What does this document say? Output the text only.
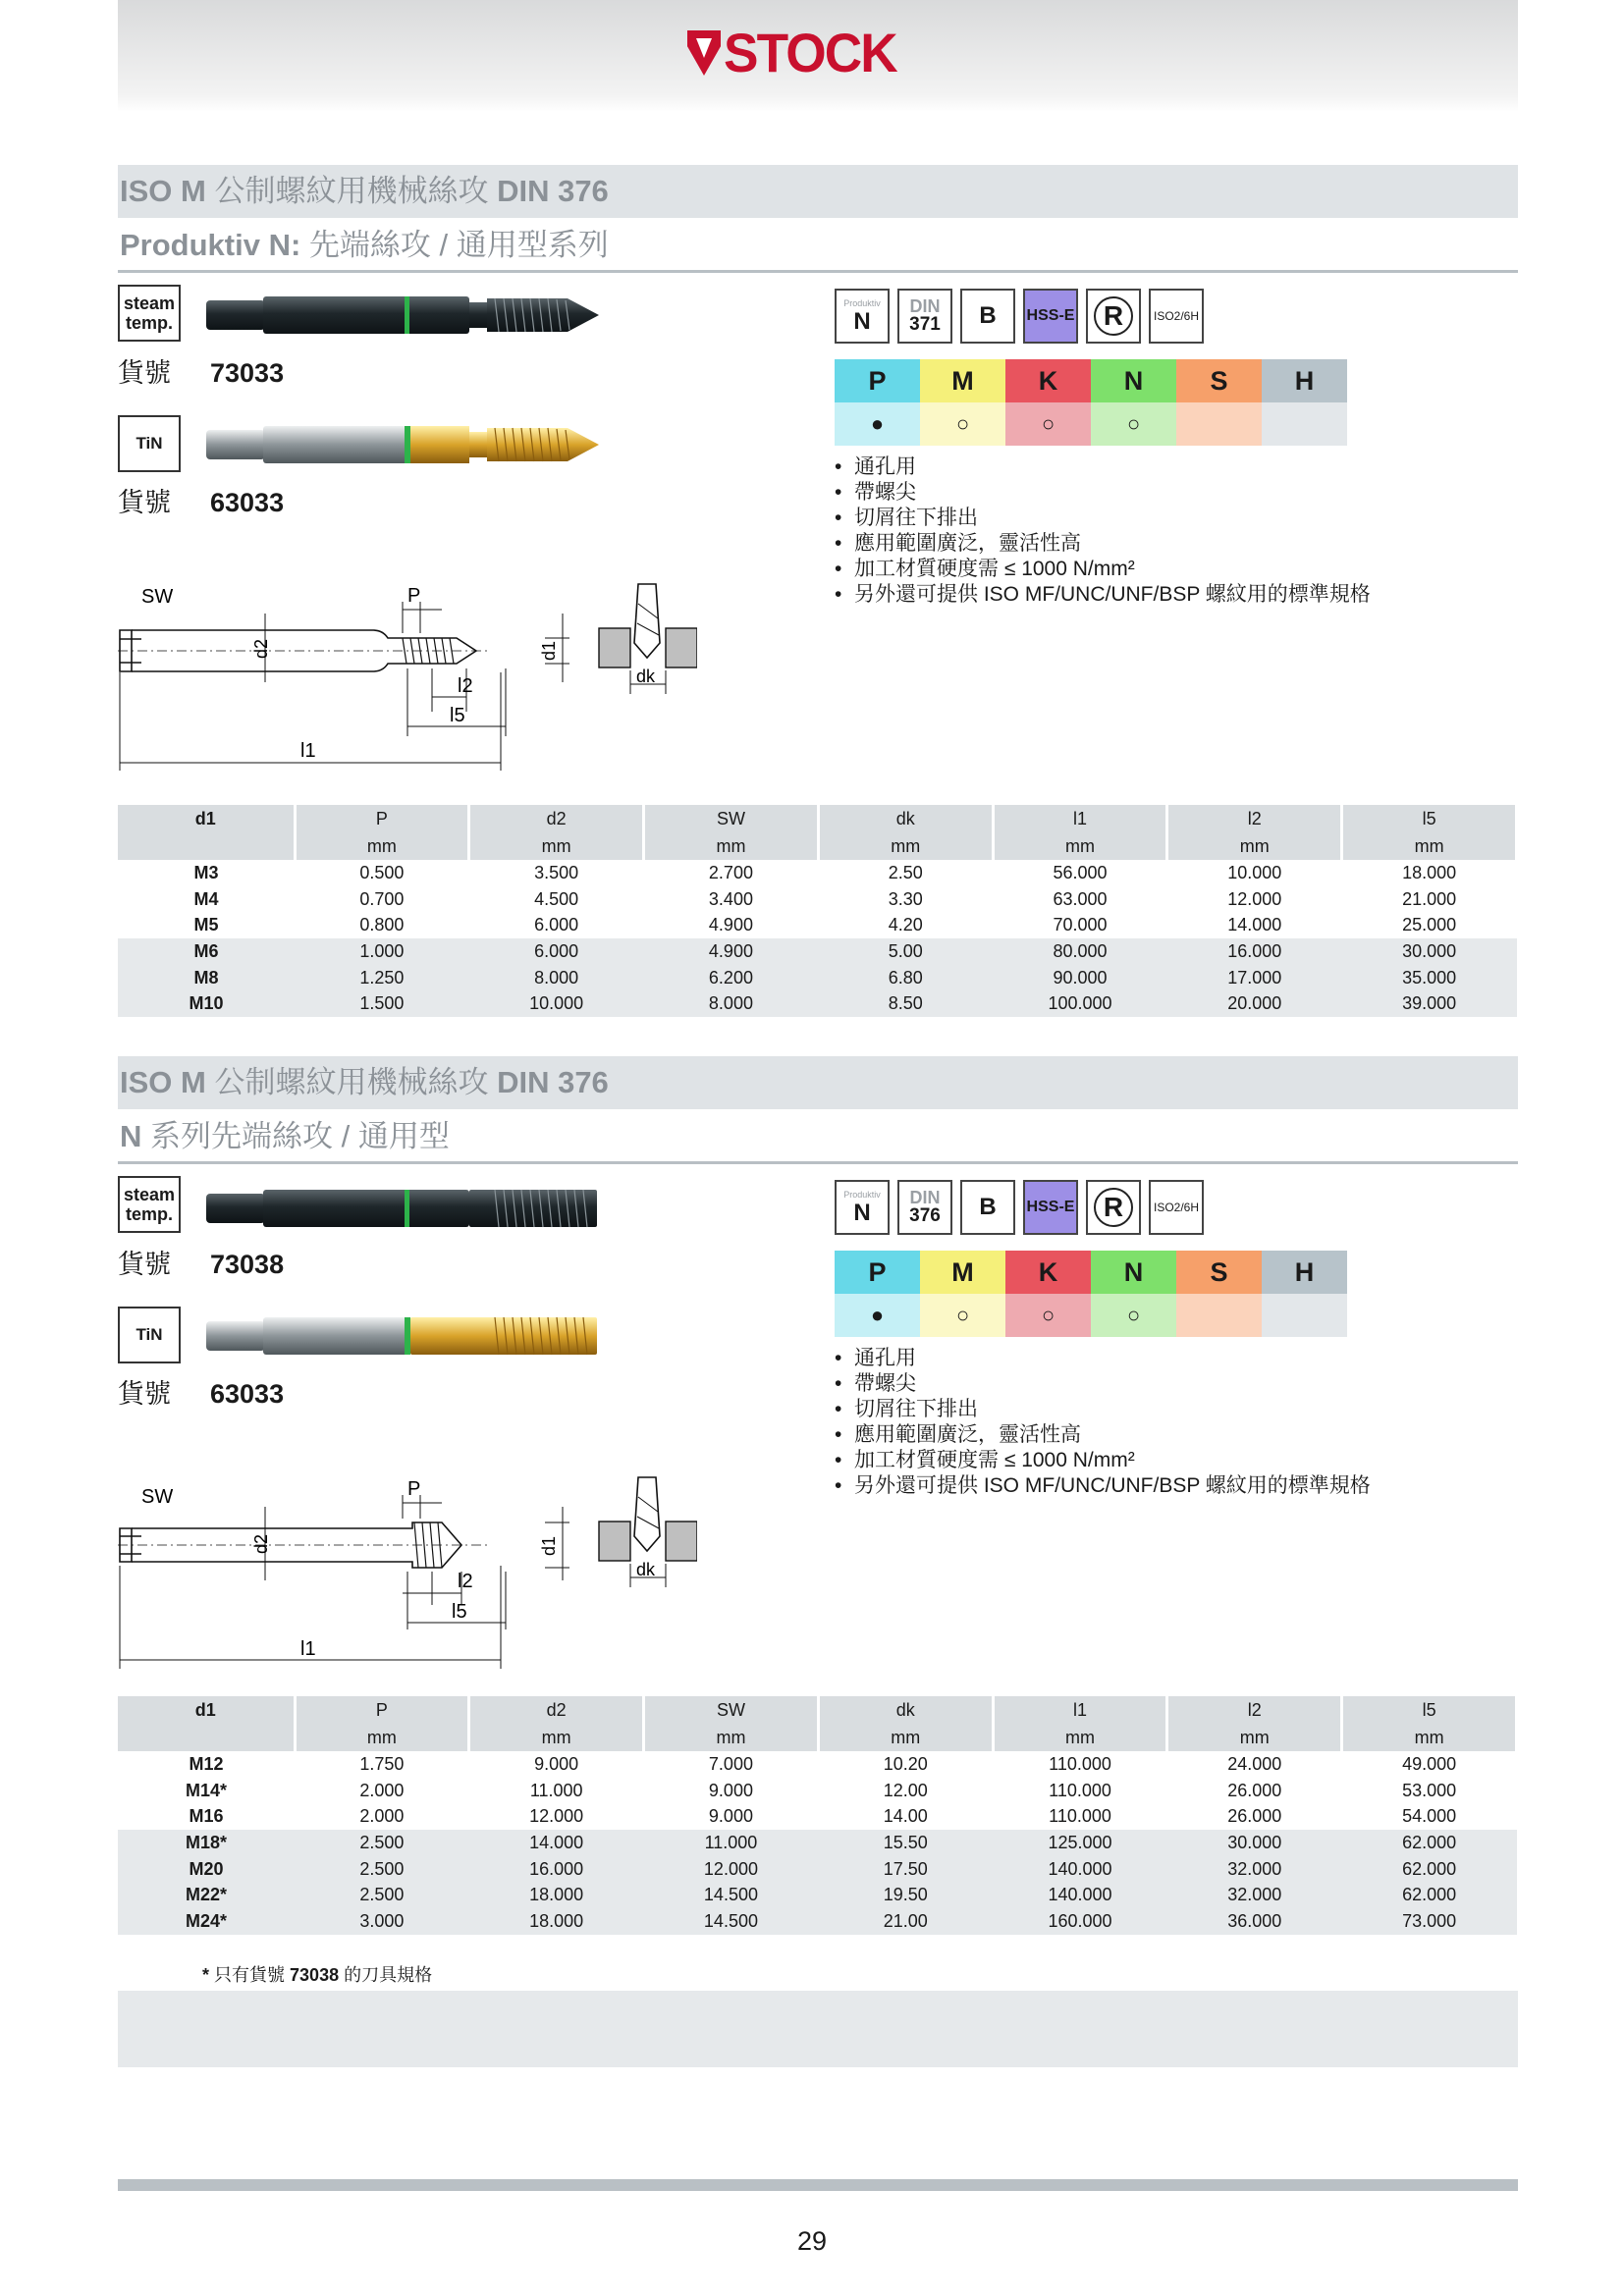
STOCK
ISO M 公制螺紋用機械絲攻 DIN 376
Produktiv N: 先端絲攻 / 通用型系列
steam
temp.
貨號 73033
TiN
貨號 63033
SW	P
d2	d1
l2
l5
l1
dk
Produktiv
N
DIN
371 B HSS-E	R	ISO2/6H
P	M	K	N	S	H
●	○	○	○
• 通孔用
• 帶螺尖
• 切屑往下排出
• 應用範圍廣泛，靈活性高
• 加工材質硬度需 ≤ 1000 N/mm²
• 另外還可提供 ISO MF/UNC/UNF/BSP 螺紋用的標準規格
d1	P	d2	SW	dk	l1	l2	l5
	mm	mm	mm	mm	mm	mm	mm
M3	0.500	3.500	2.700	2.50	56.000	10.000	18.000
M4	0.700	4.500	3.400	3.30	63.000	12.000	21.000
M5	0.800	6.000	4.900	4.20	70.000	14.000	25.000
M6	1.000	6.000	4.900	5.00	80.000	16.000	30.000
M8	1.250	8.000	6.200	6.80	90.000	17.000	35.000
M10	1.500	10.000	8.000	8.50	100.000	20.000	39.000
ISO M 公制螺紋用機械絲攻 DIN 376
N 系列先端絲攻 / 通用型
steam
temp.
貨號 73038
TiN
貨號 63033
SW	P
d2	d1
l2
l5
l1
dk
Produktiv
N
DIN
376 B HSS-E	R	ISO2/6H
P	M	K	N	S	H
●	○	○	○
• 通孔用
• 帶螺尖
• 切屑往下排出
• 應用範圍廣泛，靈活性高
• 加工材質硬度需 ≤ 1000 N/mm²
• 另外還可提供 ISO MF/UNC/UNF/BSP 螺紋用的標準規格
d1	P	d2	SW	dk	l1	l2	l5
	mm	mm	mm	mm	mm	mm	mm
M12	1.750	9.000	7.000	10.20	110.000	24.000	49.000
M14*	2.000	11.000	9.000	12.00	110.000	26.000	53.000
M16	2.000	12.000	9.000	14.00	110.000	26.000	54.000
M18*	2.500	14.000	11.000	15.50	125.000	30.000	62.000
M20	2.500	16.000	12.000	17.50	140.000	32.000	62.000
M22*	2.500	18.000	14.500	19.50	140.000	32.000	62.000
M24*	3.000	18.000	14.500	21.00	160.000	36.000	73.000
* 只有貨號 73038 的刀具規格
29
